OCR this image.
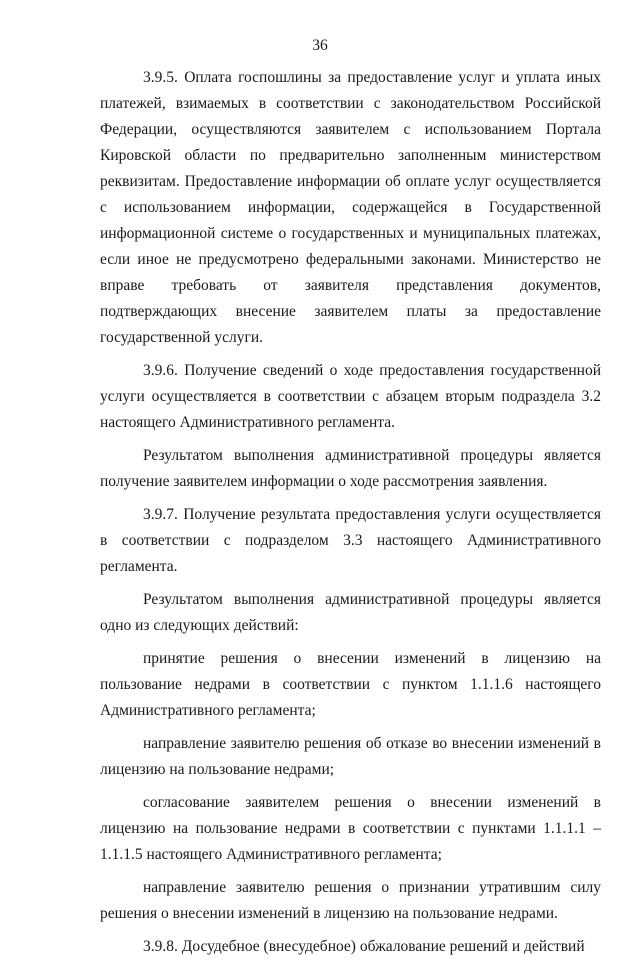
36

3.9.5. Оплата госпошлины за предоставление услуг и уплата иных платежей, взимаемых в соответствии с законодательством Российской Федерации, осуществляются заявителем с использованием Портала Кировской области по предварительно заполненным министерством реквизитам. Предоставление информации об оплате услуг осуществляется с использованием информации, содержащейся в Государственной информационной системе о государственных и муниципальных платежах, если иное не предусмотрено федеральными законами. Министерство не вправе требовать от заявителя представления документов, подтверждающих внесение заявителем платы за предоставление государственной услуги.

3.9.6. Получение сведений о ходе предоставления государственной услуги осуществляется в соответствии с абзацем вторым подраздела 3.2 настоящего Административного регламента.

Результатом выполнения административной процедуры является получение заявителем информации о ходе рассмотрения заявления.

3.9.7. Получение результата предоставления услуги осуществляется в соответствии с подразделом 3.3 настоящего Административного регламента.

Результатом выполнения административной процедуры является одно из следующих действий:

принятие решения о внесении изменений в лицензию на пользование недрами в соответствии с пунктом 1.1.1.6 настоящего Административного регламента;

направление заявителю решения об отказе во внесении изменений в лицензию на пользование недрами;

согласование заявителем решения о внесении изменений в лицензию на пользование недрами в соответствии с пунктами 1.1.1.1 – 1.1.1.5 настоящего Административного регламента;

направление заявителю решения о признании утратившим силу решения о внесении изменений в лицензию на пользование недрами.

3.9.8. Досудебное (внесудебное) обжалование решений и действий
